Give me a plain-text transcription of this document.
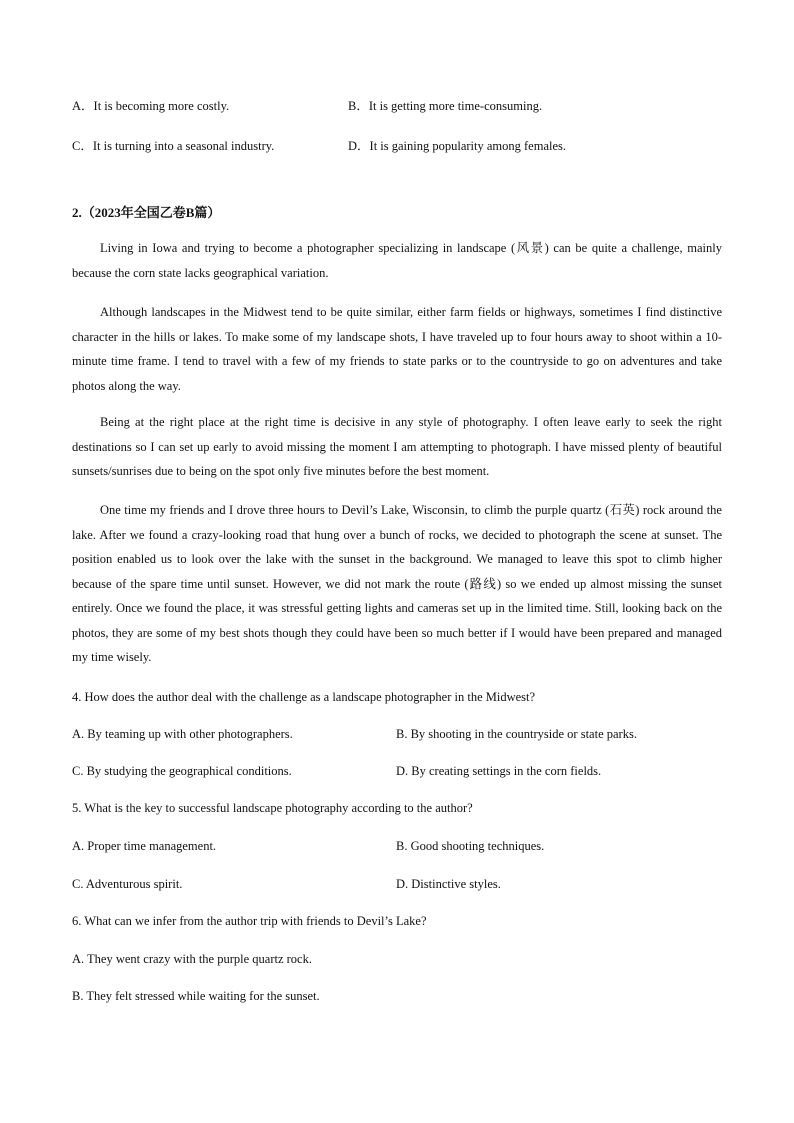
A．It is becoming more costly.	B．It is getting more time-consuming.
C．It is turning into a seasonal industry.	D．It is gaining popularity among females.
2.（2023年全国乙卷B篇）
Living in Iowa and trying to become a photographer specializing in landscape (风景) can be quite a challenge, mainly because the corn state lacks geographical variation.
Although landscapes in the Midwest tend to be quite similar, either farm fields or highways, sometimes I find distinctive character in the hills or lakes. To make some of my landscape shots, I have traveled up to four hours away to shoot within a 10-minute time frame. I tend to travel with a few of my friends to state parks or to the countryside to go on adventures and take photos along the way.
Being at the right place at the right time is decisive in any style of photography. I often leave early to seek the right destinations so I can set up early to avoid missing the moment I am attempting to photograph. I have missed plenty of beautiful sunsets/sunrises due to being on the spot only five minutes before the best moment.
One time my friends and I drove three hours to Devil’s Lake, Wisconsin, to climb the purple quartz (石英) rock around the lake. After we found a crazy-looking road that hung over a bunch of rocks, we decided to photograph the scene at sunset. The position enabled us to look over the lake with the sunset in the background. We managed to leave this spot to climb higher because of the spare time until sunset. However, we did not mark the route (路线) so we ended up almost missing the sunset entirely. Once we found the place, it was stressful getting lights and cameras set up in the limited time. Still, looking back on the photos, they are some of my best shots though they could have been so much better if I would have been prepared and managed my time wisely.
4. How does the author deal with the challenge as a landscape photographer in the Midwest?
A. By teaming up with other photographers.	B. By shooting in the countryside or state parks.
C. By studying the geographical conditions.	D. By creating settings in the corn fields.
5. What is the key to successful landscape photography according to the author?
A. Proper time management.	B. Good shooting techniques.
C. Adventurous spirit.	D. Distinctive styles.
6. What can we infer from the author trip with friends to Devil’s Lake?
A. They went crazy with the purple quartz rock.
B. They felt stressed while waiting for the sunset.
